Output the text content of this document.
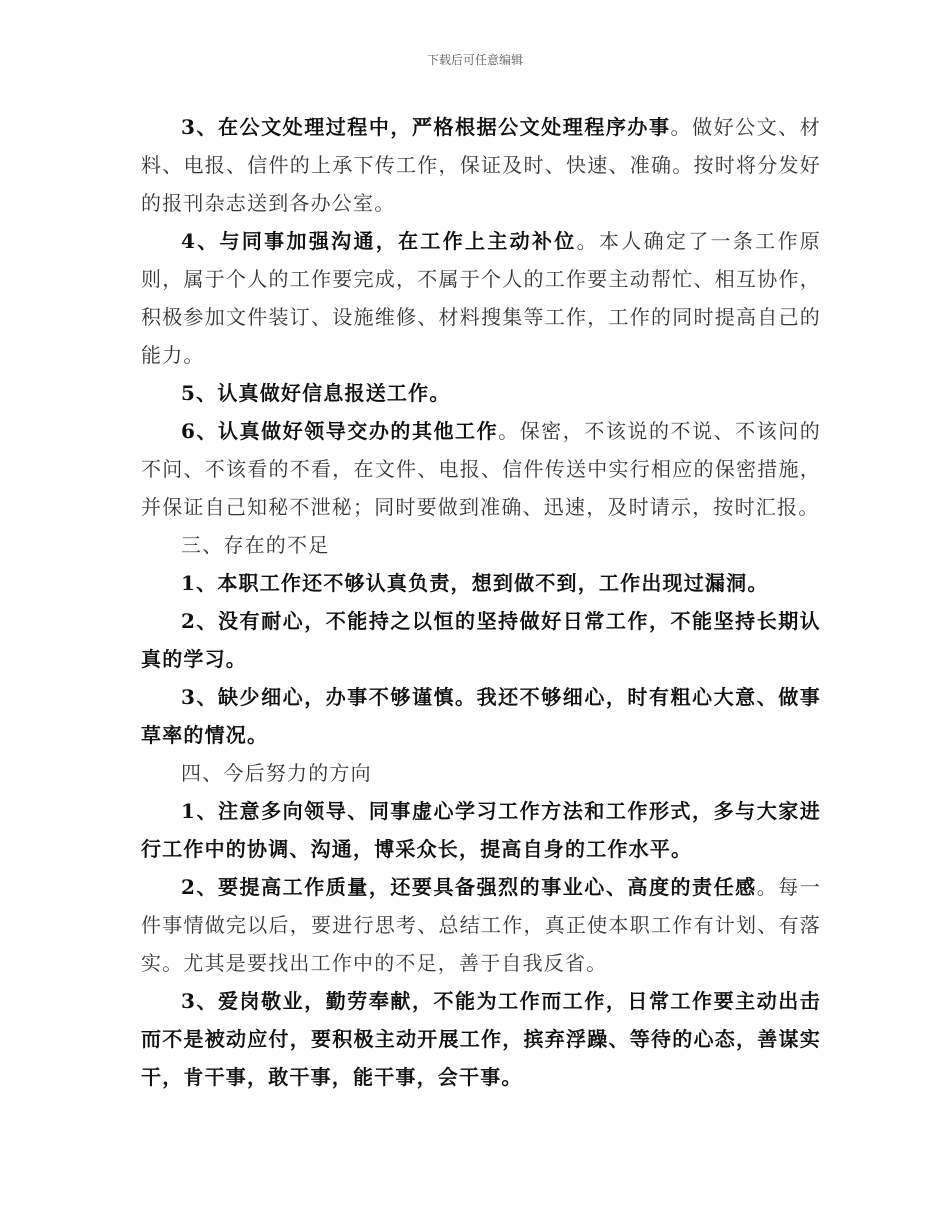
下载后可任意编辑

3、在公文处理过程中，严格根据公文处理程序办事。做好公文、材料、电报、信件的上承下传工作，保证及时、快速、准确。按时将分发好的报刊杂志送到各办公室。

4、与同事加强沟通，在工作上主动补位。本人确定了一条工作原则，属于个人的工作要完成，不属于个人的工作要主动帮忙、相互协作，积极参加文件装订、设施维修、材料搜集等工作，工作的同时提高自己的能力。

5、认真做好信息报送工作。

6、认真做好领导交办的其他工作。保密，不该说的不说、不该问的不问、不该看的不看，在文件、电报、信件传送中实行相应的保密措施，并保证自己知秘不泄秘；同时要做到准确、迅速，及时请示，按时汇报。

三、存在的不足

1、本职工作还不够认真负责，想到做不到，工作出现过漏洞。

2、没有耐心，不能持之以恒的坚持做好日常工作，不能坚持长期认真的学习。

3、缺少细心，办事不够谨慎。我还不够细心，时有粗心大意、做事草率的情况。

四、今后努力的方向

1、注意多向领导、同事虚心学习工作方法和工作形式，多与大家进行工作中的协调、沟通，博采众长，提高自身的工作水平。

2、要提高工作质量，还要具备强烈的事业心、高度的责任感。每一件事情做完以后，要进行思考、总结工作，真正使本职工作有计划、有落实。尤其是要找出工作中的不足，善于自我反省。

3、爱岗敬业，勤劳奉献，不能为工作而工作，日常工作要主动出击而不是被动应付，要积极主动开展工作，摈弃浮躁、等待的心态，善谋实干，肯干事，敢干事，能干事，会干事。
